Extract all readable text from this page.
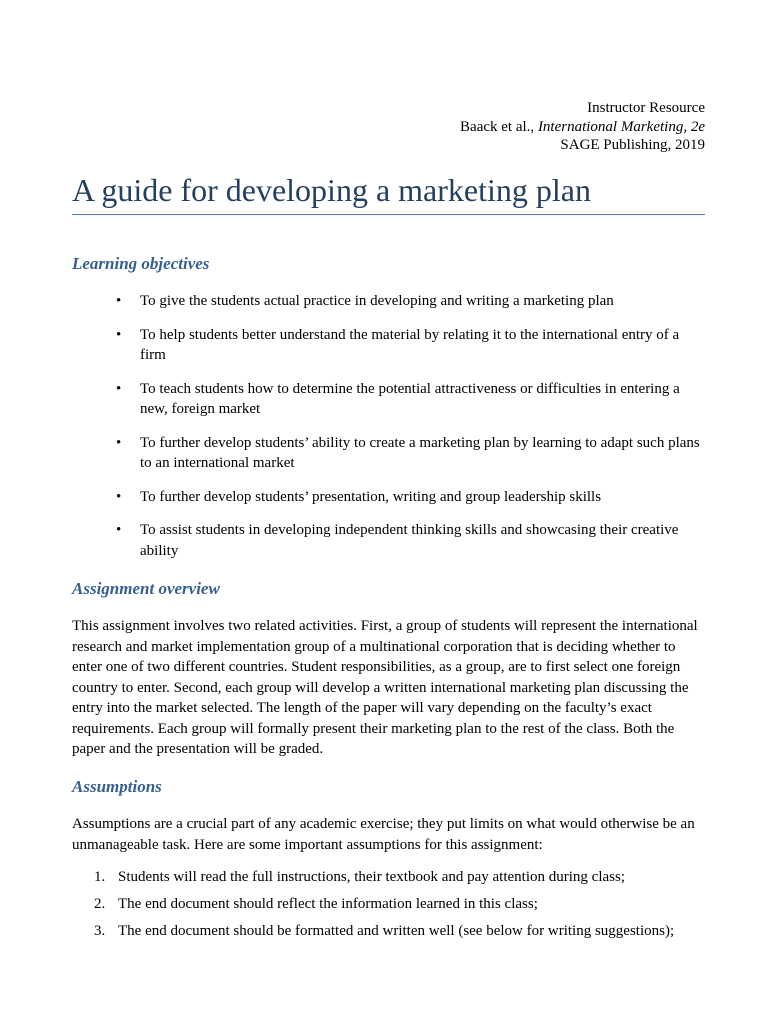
Instructor Resource
Baack et al., International Marketing, 2e
SAGE Publishing, 2019
A guide for developing a marketing plan
Learning objectives
• To give the students actual practice in developing and writing a marketing plan
• To help students better understand the material by relating it to the international entry of a firm
• To teach students how to determine the potential attractiveness or difficulties in entering a new, foreign market
• To further develop students’ ability to create a marketing plan by learning to adapt such plans to an international market
• To further develop students’ presentation, writing and group leadership skills
• To assist students in developing independent thinking skills and showcasing their creative ability
Assignment overview

This assignment involves two related activities. First, a group of students will represent the international research and market implementation group of a multinational corporation that is deciding whether to enter one of two different countries. Student responsibilities, as a group, are to first select one foreign country to enter. Second, each group will develop a written international marketing plan discussing the entry into the market selected. The length of the paper will vary depending on the faculty’s exact requirements. Each group will formally present their marketing plan to the rest of the class. Both the paper and the presentation will be graded.

Assumptions

Assumptions are a crucial part of any academic exercise; they put limits on what would otherwise be an unmanageable task. Here are some important assumptions for this assignment:

1. Students will read the full instructions, their textbook and pay attention during class;
2. The end document should reflect the information learned in this class;
3. The end document should be formatted and written well (see below for writing suggestions);
